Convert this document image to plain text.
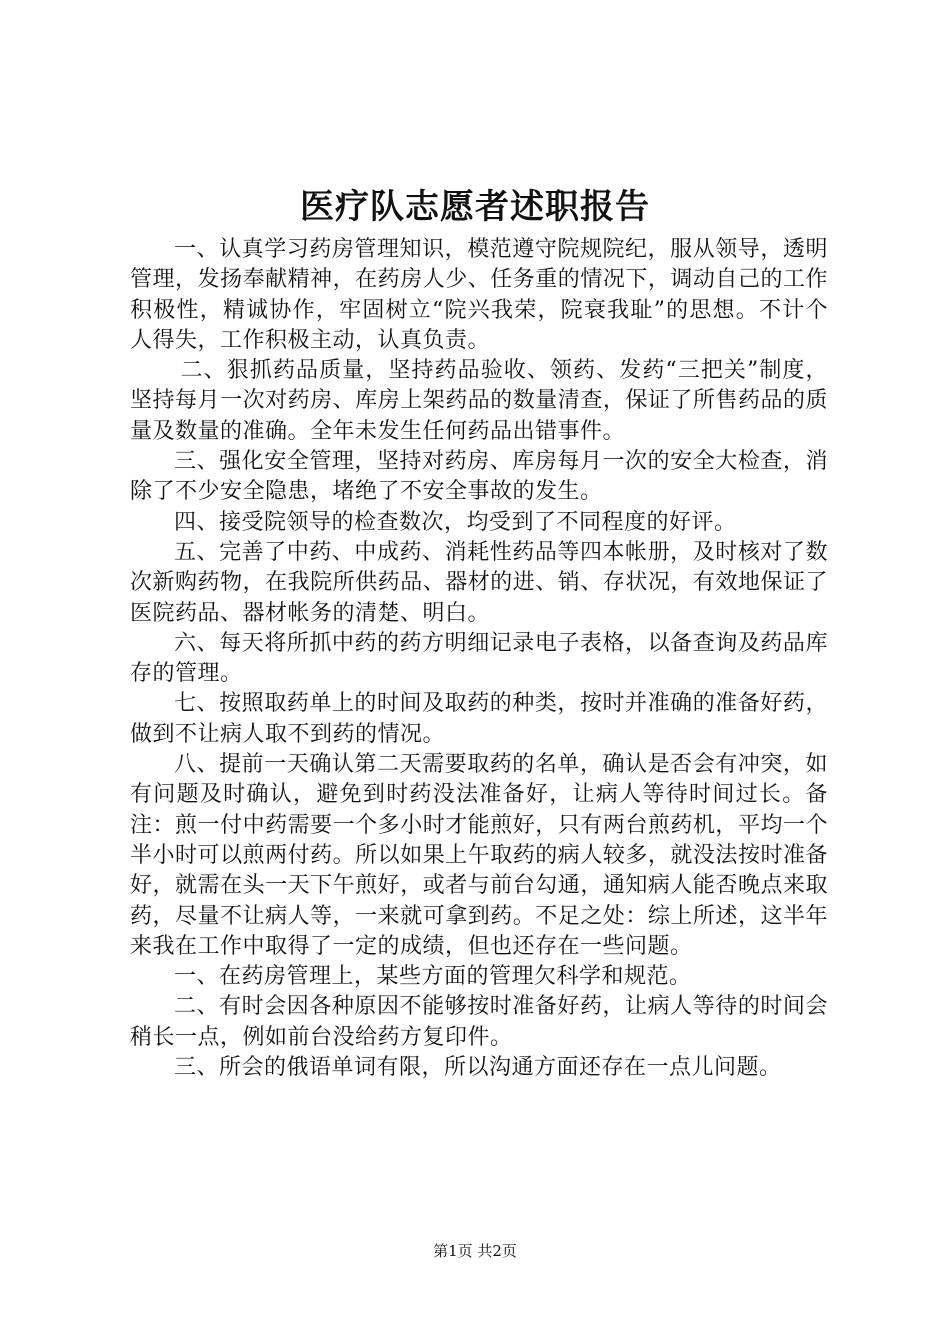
医疗队志愿者述职报告

一、认真学习药房管理知识，模范遵守院规院纪，服从领导，透明管理，发扬奉献精神，在药房人少、任务重的情况下，调动自己的工作积极性，精诚协作，牢固树立“院兴我荣，院衰我耻”的思想。不计个人得失，工作积极主动，认真负责。

二、狠抓药品质量，坚持药品验收、领药、发药“三把关”制度，坚持每月一次对药房、库房上架药品的数量清查，保证了所售药品的质量及数量的准确。全年未发生任何药品出错事件。

三、强化安全管理，坚持对药房、库房每月一次的安全大检查，消除了不少安全隐患，堵绝了不安全事故的发生。

四、接受院领导的检查数次，均受到了不同程度的好评。

五、完善了中药、中成药、消耗性药品等四本帐册，及时核对了数次新购药物，在我院所供药品、器材的进、销、存状况，有效地保证了医院药品、器材帐务的清楚、明白。

六、每天将所抓中药的药方明细记录电子表格，以备查询及药品库存的管理。

七、按照取药单上的时间及取药的种类，按时并准确的准备好药，做到不让病人取不到药的情况。

八、提前一天确认第二天需要取药的名单，确认是否会有冲突，如有问题及时确认，避免到时药没法准备好，让病人等待时间过长。备注：煎一付中药需要一个多小时才能煎好，只有两台煎药机，平均一个半小时可以煎两付药。所以如果上午取药的病人较多，就没法按时准备好，就需在头一天下午煎好，或者与前台勾通，通知病人能否晚点来取药，尽量不让病人等，一来就可拿到药。不足之处：综上所述，这半年来我在工作中取得了一定的成绩，但也还存在一些问题。

一、在药房管理上，某些方面的管理欠科学和规范。

二、有时会因各种原因不能够按时准备好药，让病人等待的时间会稍长一点，例如前台没给药方复印件。

三、所会的俄语单词有限，所以沟通方面还存在一点儿问题。

第1页 共2页
